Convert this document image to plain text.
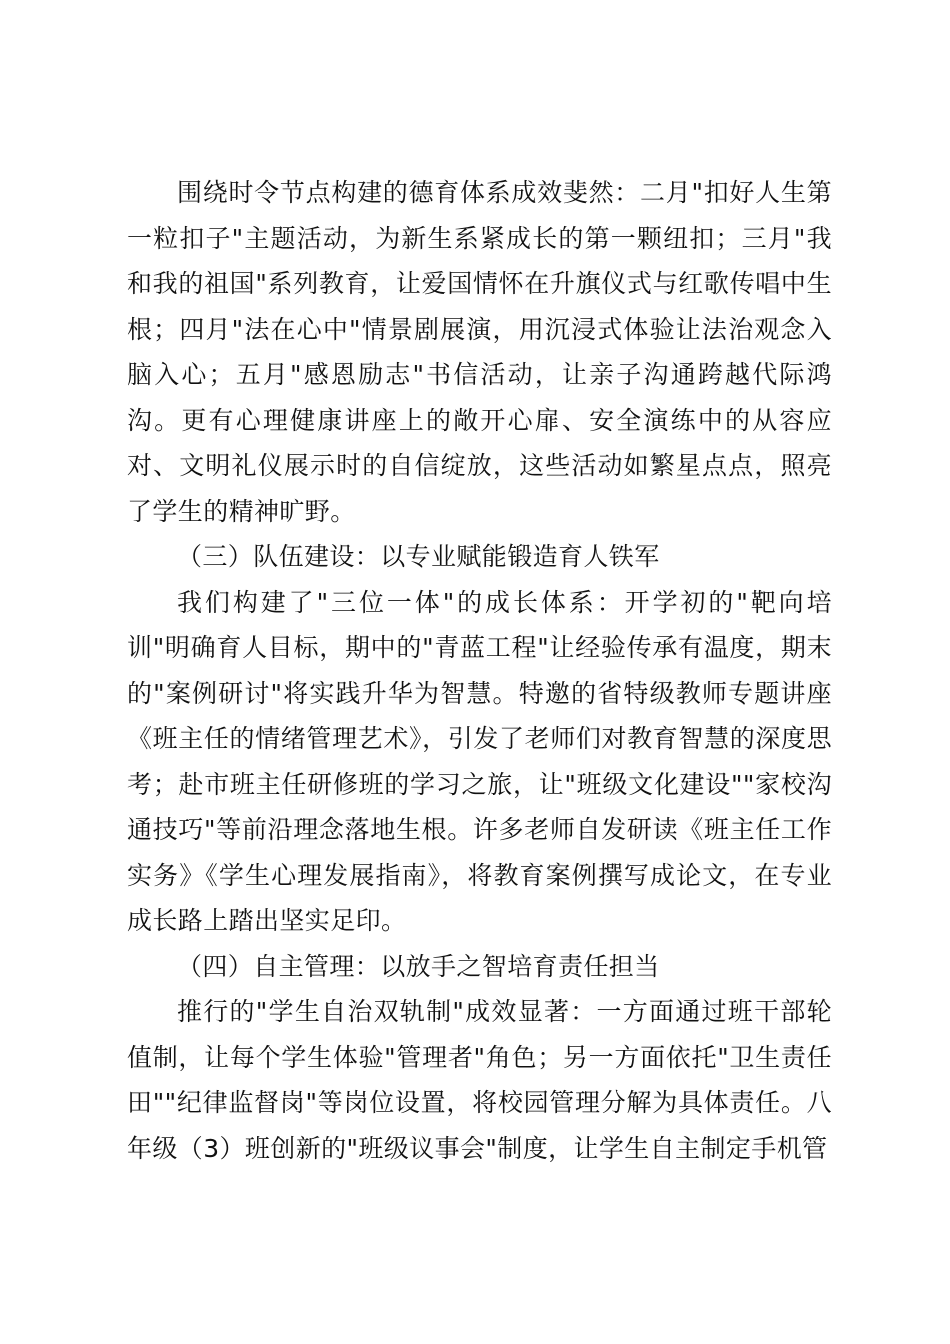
围绕时令节点构建的德育体系成效斐然：二月"扣好人生第一粒扣子"主题活动，为新生系紧成长的第一颗纽扣；三月"我和我的祖国"系列教育，让爱国情怀在升旗仪式与红歌传唱中生根；四月"法在心中"情景剧展演，用沉浸式体验让法治观念入脑入心；五月"感恩励志"书信活动，让亲子沟通跨越代际鸿沟。更有心理健康讲座上的敞开心扉、安全演练中的从容应对、文明礼仪展示时的自信绽放，这些活动如繁星点点，照亮了学生的精神旷野。

（三）队伍建设：以专业赋能锻造育人铁军

我们构建了"三位一体"的成长体系：开学初的"靶向培训"明确育人目标，期中的"青蓝工程"让经验传承有温度，期末的"案例研讨"将实践升华为智慧。特邀的省特级教师专题讲座《班主任的情绪管理艺术》，引发了老师们对教育智慧的深度思考；赴市班主任研修班的学习之旅，让"班级文化建设""家校沟通技巧"等前沿理念落地生根。许多老师自发研读《班主任工作实务》《学生心理发展指南》，将教育案例撰写成论文，在专业成长路上踏出坚实足印。

（四）自主管理：以放手之智培育责任担当

推行的"学生自治双轨制"成效显著：一方面通过班干部轮值制，让每个学生体验"管理者"角色；另一方面依托"卫生责任田""纪律监督岗"等岗位设置，将校园管理分解为具体责任。八年级（3）班创新的"班级议事会"制度，让学生自主制定手机管
